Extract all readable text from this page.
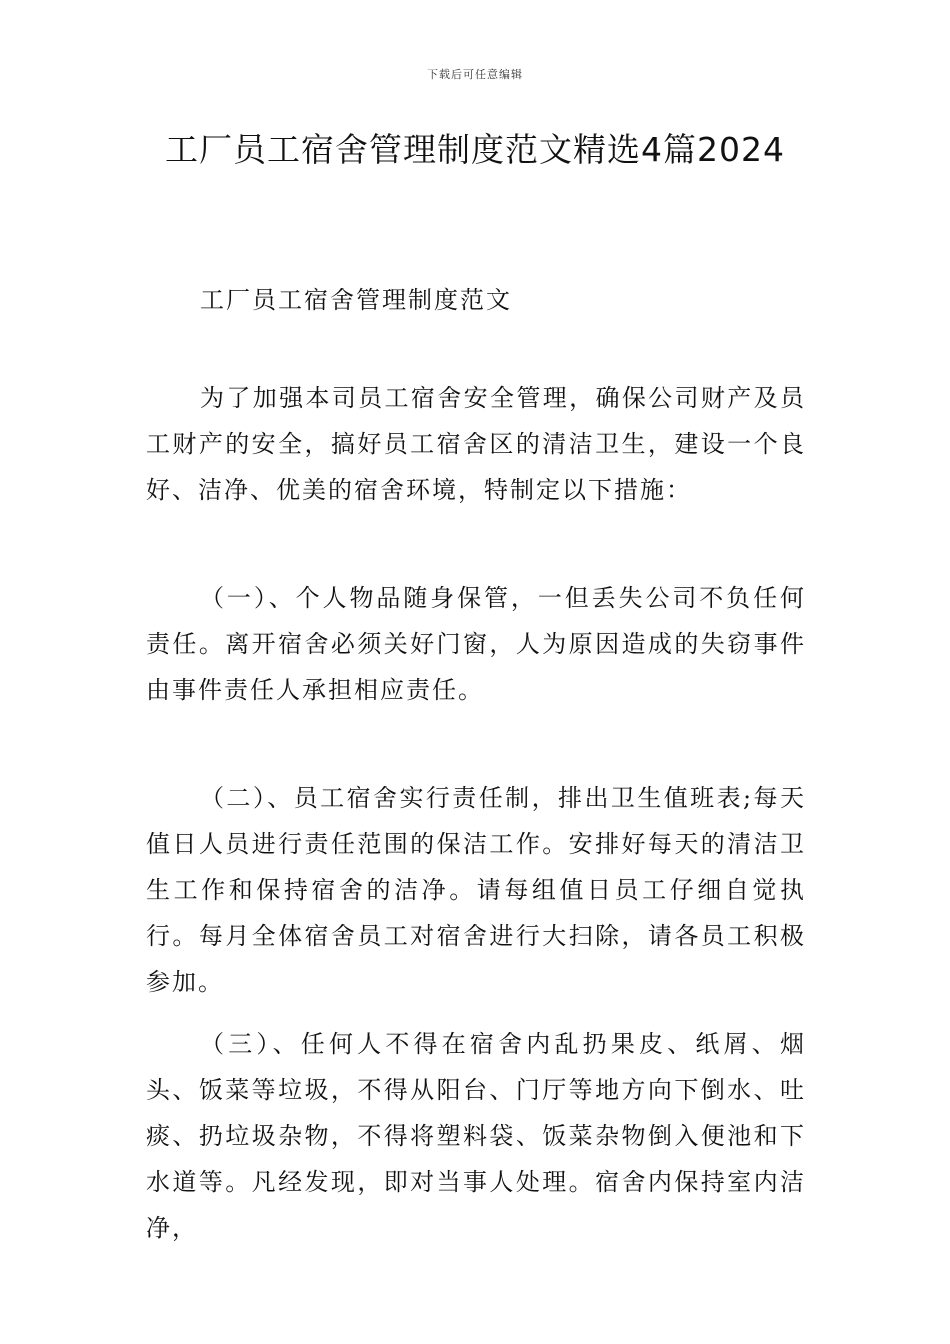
下载后可任意编辑
工厂员工宿舍管理制度范文精选4篇2024

工厂员工宿舍管理制度范文

为了加强本司员工宿舍安全管理，确保公司财产及员工财产的安全，搞好员工宿舍区的清洁卫生，建设一个良好、洁净、优美的宿舍环境，特制定以下措施：

（一）、个人物品随身保管，一但丢失公司不负任何责任。离开宿舍必须关好门窗，人为原因造成的失窃事件由事件责任人承担相应责任。

（二）、员工宿舍实行责任制，排出卫生值班表;每天值日人员进行责任范围的保洁工作。安排好每天的清洁卫生工作和保持宿舍的洁净。请每组值日员工仔细自觉执行。每月全体宿舍员工对宿舍进行大扫除，请各员工积极参加。

（三）、任何人不得在宿舍内乱扔果皮、纸屑、烟头、饭菜等垃圾，不得从阳台、门厅等地方向下倒水、吐痰、扔垃圾杂物，不得将塑料袋、饭菜杂物倒入便池和下水道等。凡经发现，即对当事人处理。宿舍内保持室内洁净，
